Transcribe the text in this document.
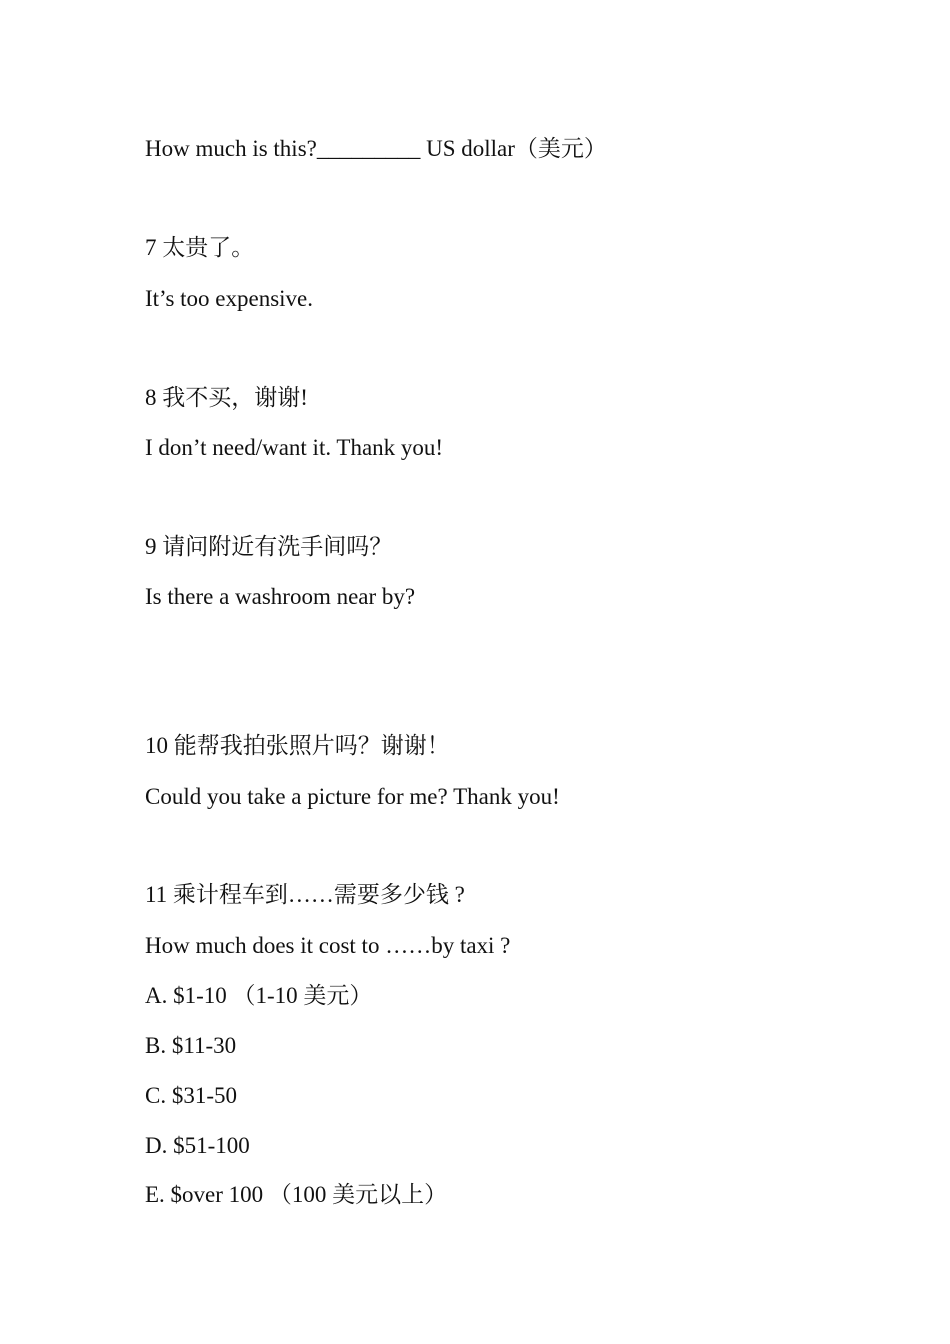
How much is this?_________ US dollar（美元）
7 太贵了。
It’s too expensive.
8 我不买，谢谢!
I don’t need/want it. Thank you!
9 请问附近有洗手间吗？
Is there a washroom near by?
10 能帮我拍张照片吗？谢谢！
Could you take a picture for me? Thank you!
11 乘计程车到……需要多少钱 ?
How much does it cost to ……by taxi ?
A. $1-10 （1-10 美元）
B. $11-30
C. $31-50
D. $51-100
E. $over 100 （100 美元以上）
